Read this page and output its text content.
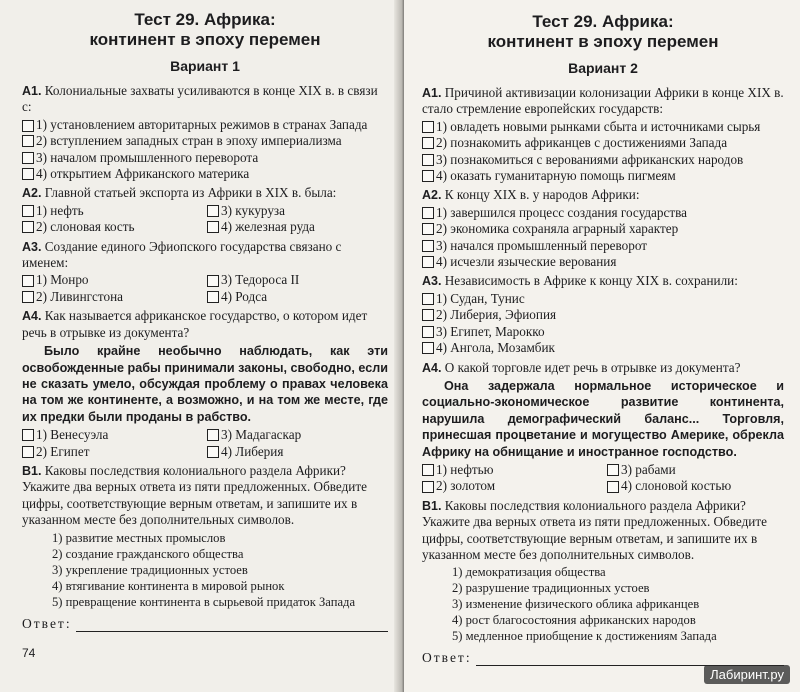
Тест 29. Африка:
континент в эпоху перемен
Вариант 1
А1. Колониальные захваты усиливаются в конце XIX в. в связи с:
1) установлением авторитарных режимов в странах Запада
2) вступлением западных стран в эпоху империализма
3) началом промышленного переворота
4) открытием Африканского материка
А2. Главной статьей экспорта из Африки в XIX в. была:
1) нефть
2) слоновая кость
3) кукуруза
4) железная руда
А3. Создание единого Эфиопского государства связано с именем:
1) Монро
2) Ливингстона
3) Тедороса II
4) Родса
А4. Как называется африканское государство, о котором идет речь в отрывке из документа?
Было крайне необычно наблюдать, как эти освобожденные рабы принимали законы, свободно, если не сказать умело, обсуждая проблему о правах человека на том же континенте, а возможно, и на том же месте, где их предки были проданы в рабство.
1) Венесуэла
2) Египет
3) Мадагаскар
4) Либерия
В1. Каковы последствия колониального раздела Африки? Укажите два верных ответа из пяти предложенных. Обведите цифры, соответствующие верным ответам, и запишите их в указанном месте без дополнительных символов.
1) развитие местных промыслов
2) создание гражданского общества
3) укрепление традиционных устоев
4) втягивание континента в мировой рынок
5) превращение континента в сырьевой придаток Запада
Ответ:
74
Тест 29. Африка:
континент в эпоху перемен
Вариант 2
А1. Причиной активизации колонизации Африки в конце XIX в. стало стремление европейских государств:
1) овладеть новыми рынками сбыта и источниками сырья
2) познакомить африканцев с достижениями Запада
3) познакомиться с верованиями африканских народов
4) оказать гуманитарную помощь пигмеям
А2. К концу XIX в. у народов Африки:
1) завершился процесс создания государства
2) экономика сохраняла аграрный характер
3) начался промышленный переворот
4) исчезли языческие верования
А3. Независимость в Африке к концу XIX в. сохранили:
1) Судан, Тунис
2) Либерия, Эфиопия
3) Египет, Марокко
4) Ангола, Мозамбик
А4. О какой торговле идет речь в отрывке из документа?
Она задержала нормальное историческое и социально-экономическое развитие континента, нарушила демографический баланс... Торговля, принесшая процветание и могущество Америке, обрекла Африку на обнищание и иностранное господство.
1) нефтью
2) золотом
3) рабами
4) слоновой костью
В1. Каковы последствия колониального раздела Африки? Укажите два верных ответа из пяти предложенных. Обведите цифры, соответствующие верным ответам, и запишите их в указанном месте без дополнительных символов.
1) демократизация общества
2) разрушение традиционных устоев
3) изменение физического облика африканцев
4) рост благосостояния африканских народов
5) медленное приобщение к достижениям Запада
Ответ:
Лабиринт.ру
